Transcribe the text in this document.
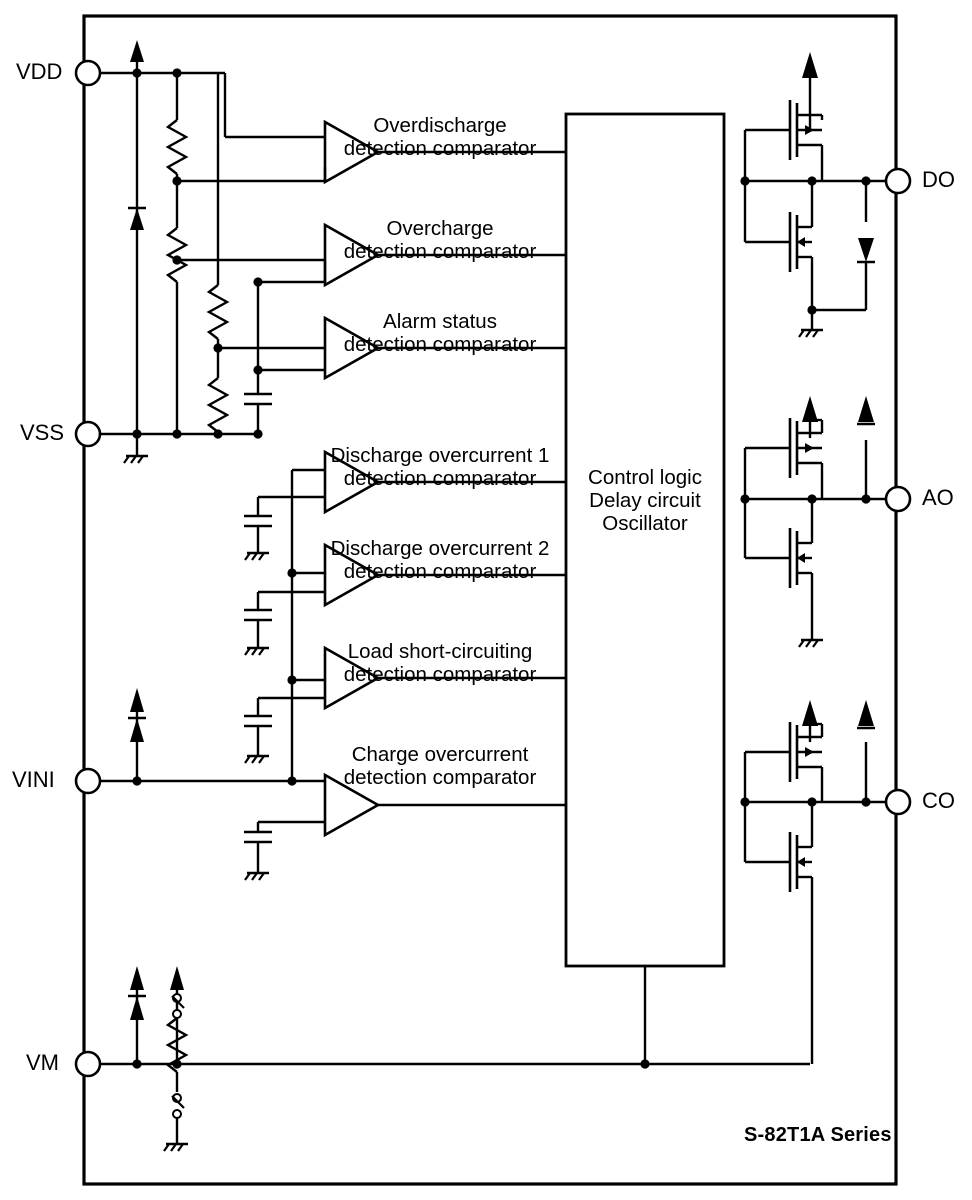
VDD
VSS
VINI
VM
DO
AO
CO
Overdischarge
detection comparator
Overcharge
detection comparator
Alarm status
detection comparator
Discharge overcurrent 1
detection comparator
Discharge overcurrent 2
detection comparator
Load short-circuiting
detection comparator
Charge overcurrent
detection comparator
Control logic
Delay circuit
Oscillator
S-82T1A Series
